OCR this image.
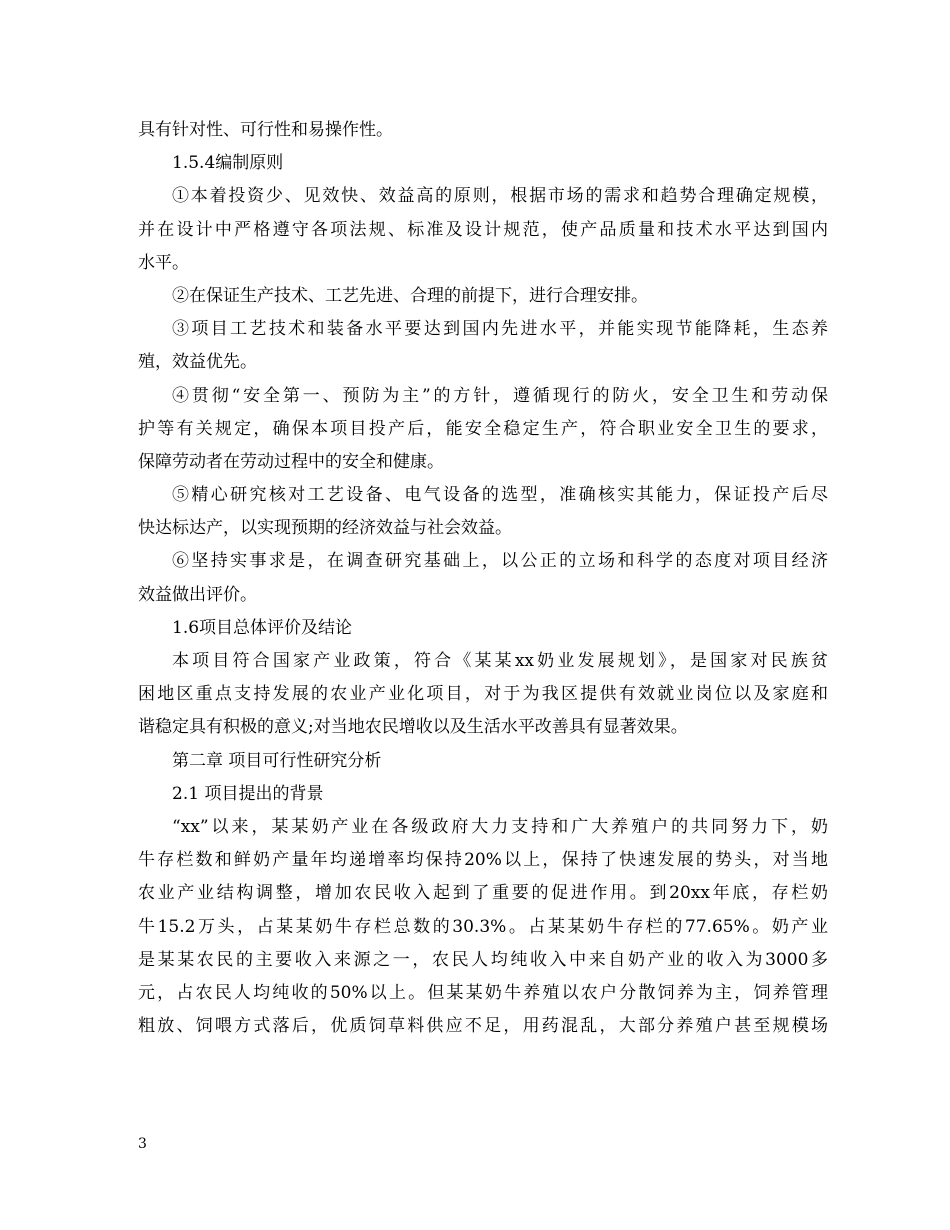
具有针对性、可行性和易操作性。
1.5.4编制原则
①本着投资少、见效快、效益高的原则，根据市场的需求和趋势合理确定规模，
并在设计中严格遵守各项法规、标准及设计规范，使产品质量和技术水平达到国内
水平。
②在保证生产技术、工艺先进、合理的前提下，进行合理安排。
③项目工艺技术和装备水平要达到国内先进水平，并能实现节能降耗，生态养
殖，效益优先。
④贯彻“安全第一、预防为主”的方针，遵循现行的防火，安全卫生和劳动保
护等有关规定，确保本项目投产后，能安全稳定生产，符合职业安全卫生的要求，
保障劳动者在劳动过程中的安全和健康。
⑤精心研究核对工艺设备、电气设备的选型，准确核实其能力，保证投产后尽
快达标达产，以实现预期的经济效益与社会效益。
⑥坚持实事求是，在调查研究基础上，以公正的立场和科学的态度对项目经济
效益做出评价。
1.6项目总体评价及结论
本项目符合国家产业政策，符合《某某xx奶业发展规划》，是国家对民族贫
困地区重点支持发展的农业产业化项目，对于为我区提供有效就业岗位以及家庭和
谐稳定具有积极的意义;对当地农民增收以及生活水平改善具有显著效果。
第二章 项目可行性研究分析
2.1 项目提出的背景
“xx”以来，某某奶产业在各级政府大力支持和广大养殖户的共同努力下，奶
牛存栏数和鲜奶产量年均递增率均保持20%以上，保持了快速发展的势头，对当地
农业产业结构调整，增加农民收入起到了重要的促进作用。到20xx年底，存栏奶
牛15.2万头，占某某奶牛存栏总数的30.3%。占某某奶牛存栏的77.65%。奶产业
是某某农民的主要收入来源之一，农民人均纯收入中来自奶产业的收入为3000多
元，占农民人均纯收的50%以上。但某某奶牛养殖以农户分散饲养为主，饲养管理
粗放、饲喂方式落后，优质饲草料供应不足，用药混乱，大部分养殖户甚至规模场
3
